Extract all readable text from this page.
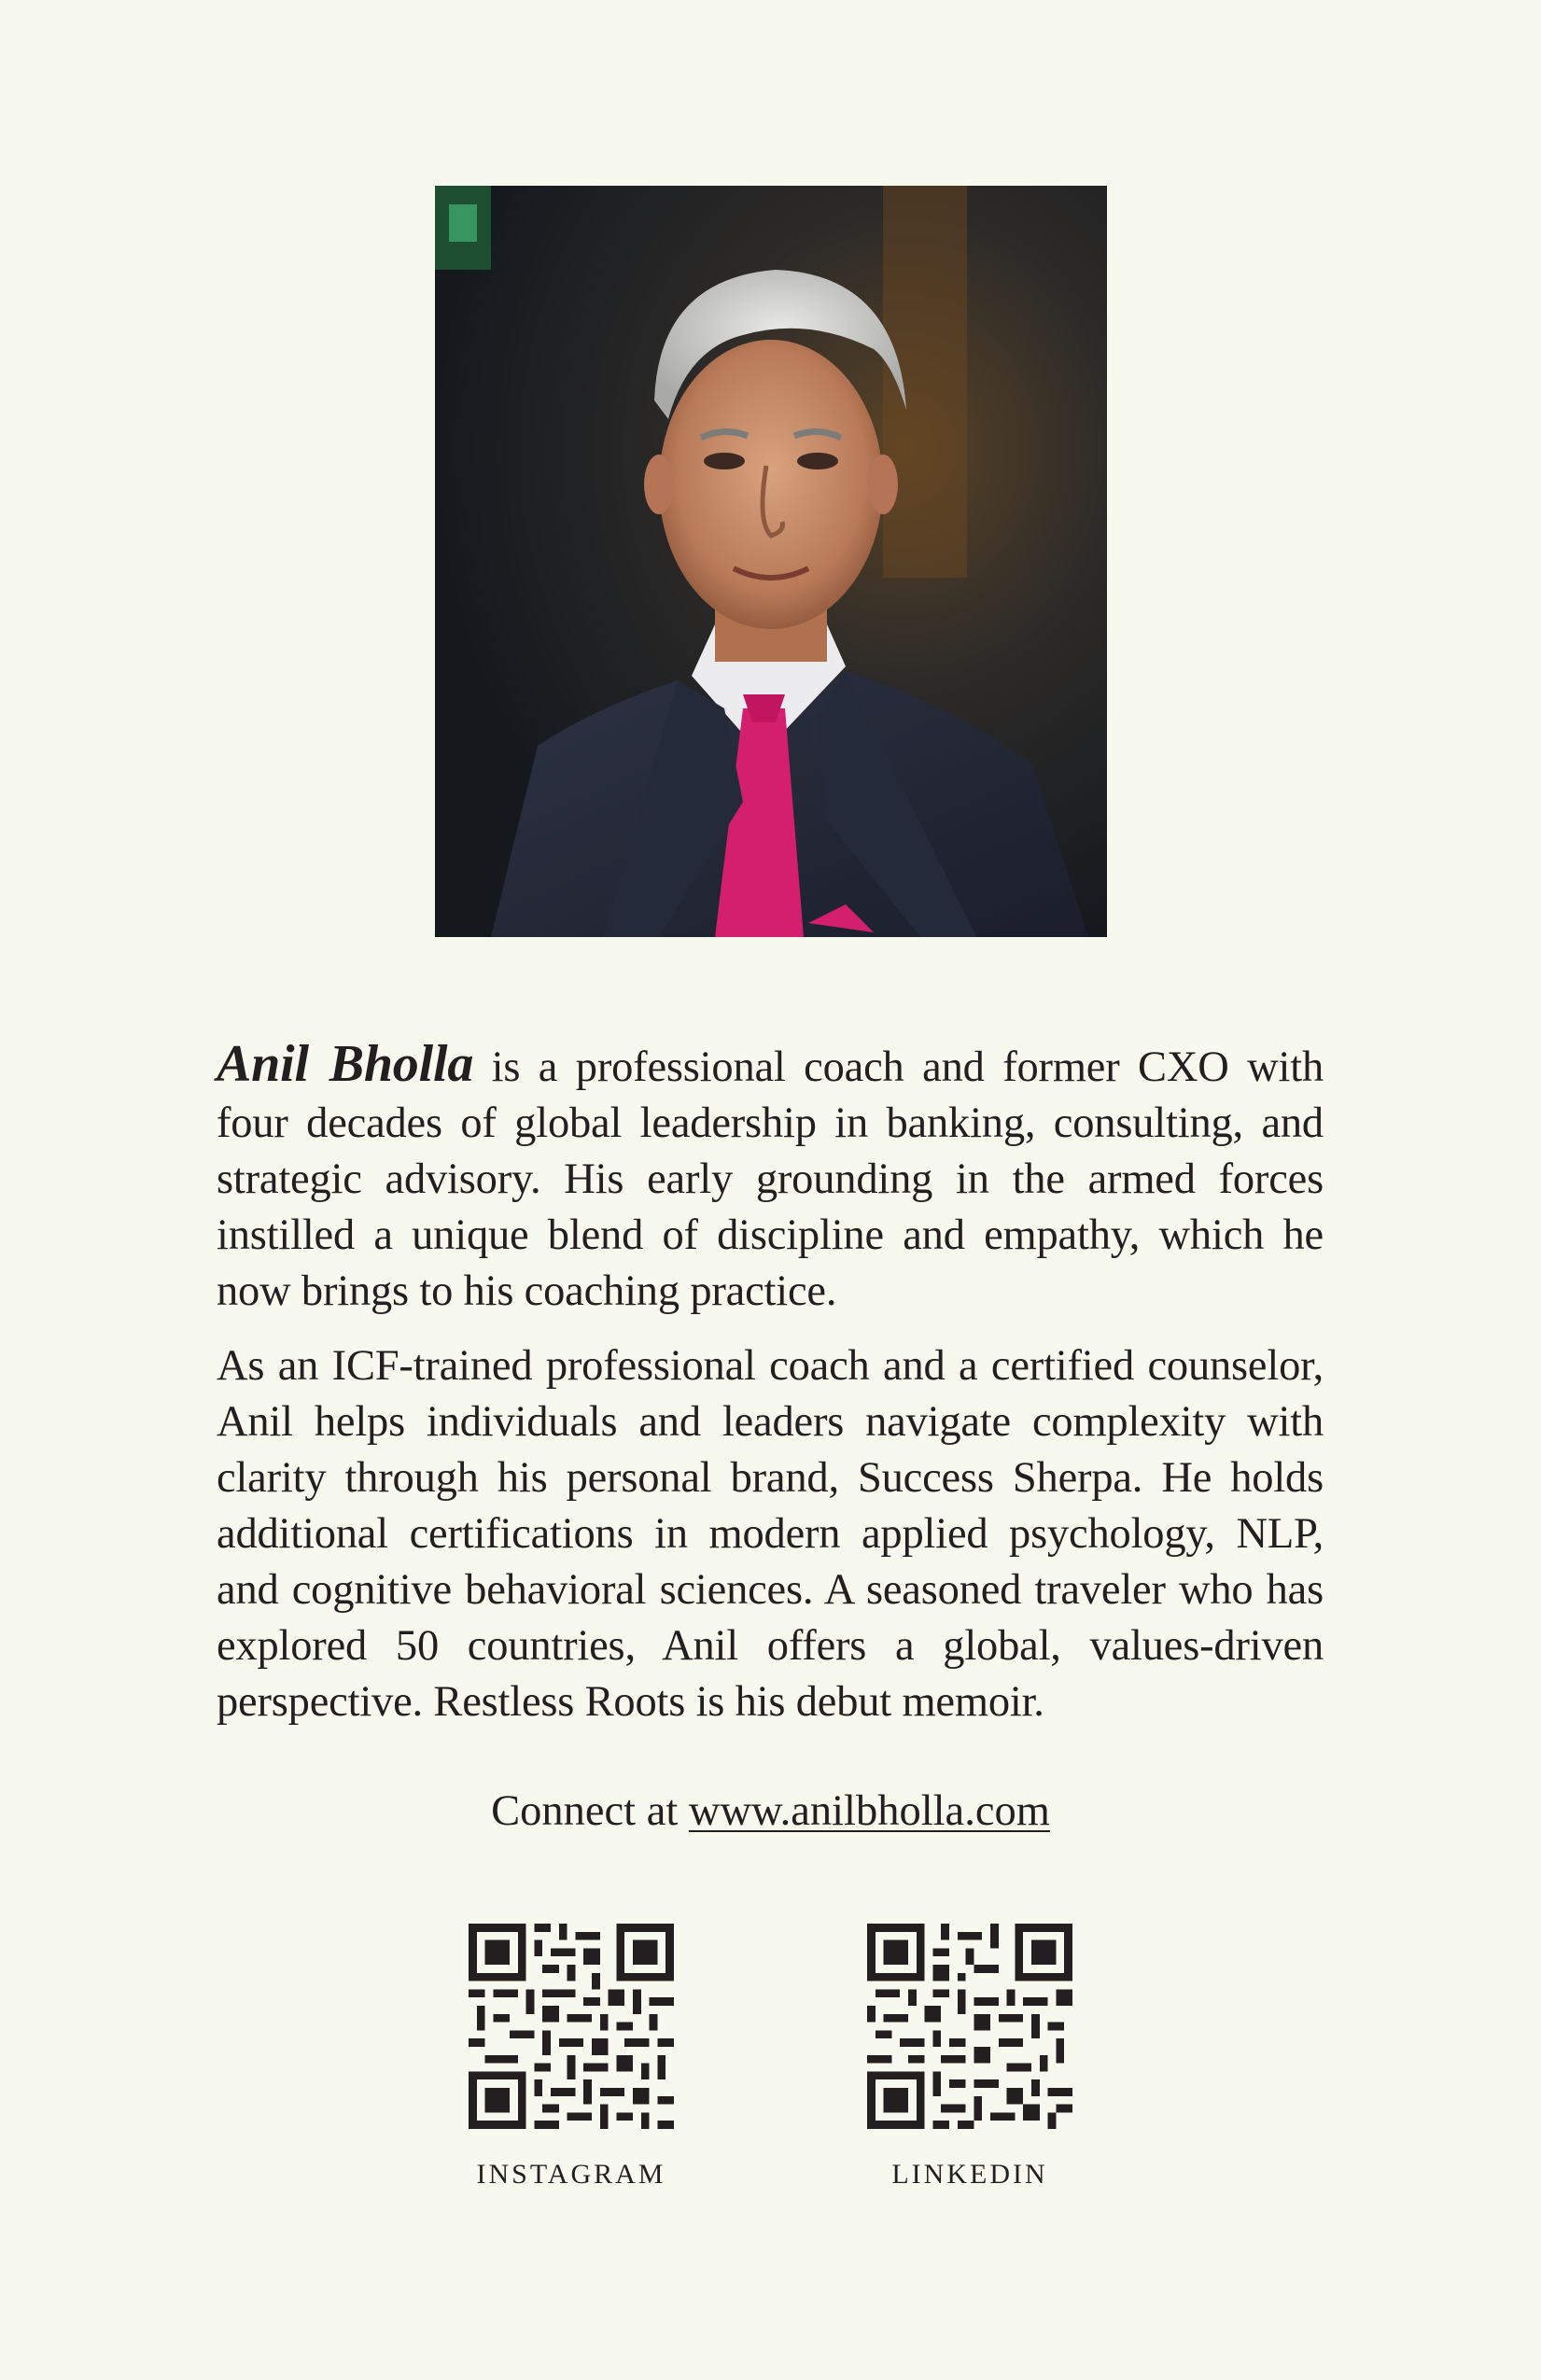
Anil Bholla is a professional coach and former CXO with four decades of global leadership in banking, consulting, and strategic advisory. His early grounding in the armed forces instilled a unique blend of discipline and empathy, which he now brings to his coaching practice.

As an ICF-trained professional coach and a certified counselor, Anil helps individuals and leaders navigate complexity with clarity through his personal brand, Success Sherpa. He holds additional certifications in modern applied psychology, NLP, and cognitive behavioral sciences. A seasoned traveler who has explored 50 countries, Anil offers a global, values-driven perspective. Restless Roots is his debut memoir.

Connect at www.anilbholla.com
INSTAGRAM	LINKEDIN
